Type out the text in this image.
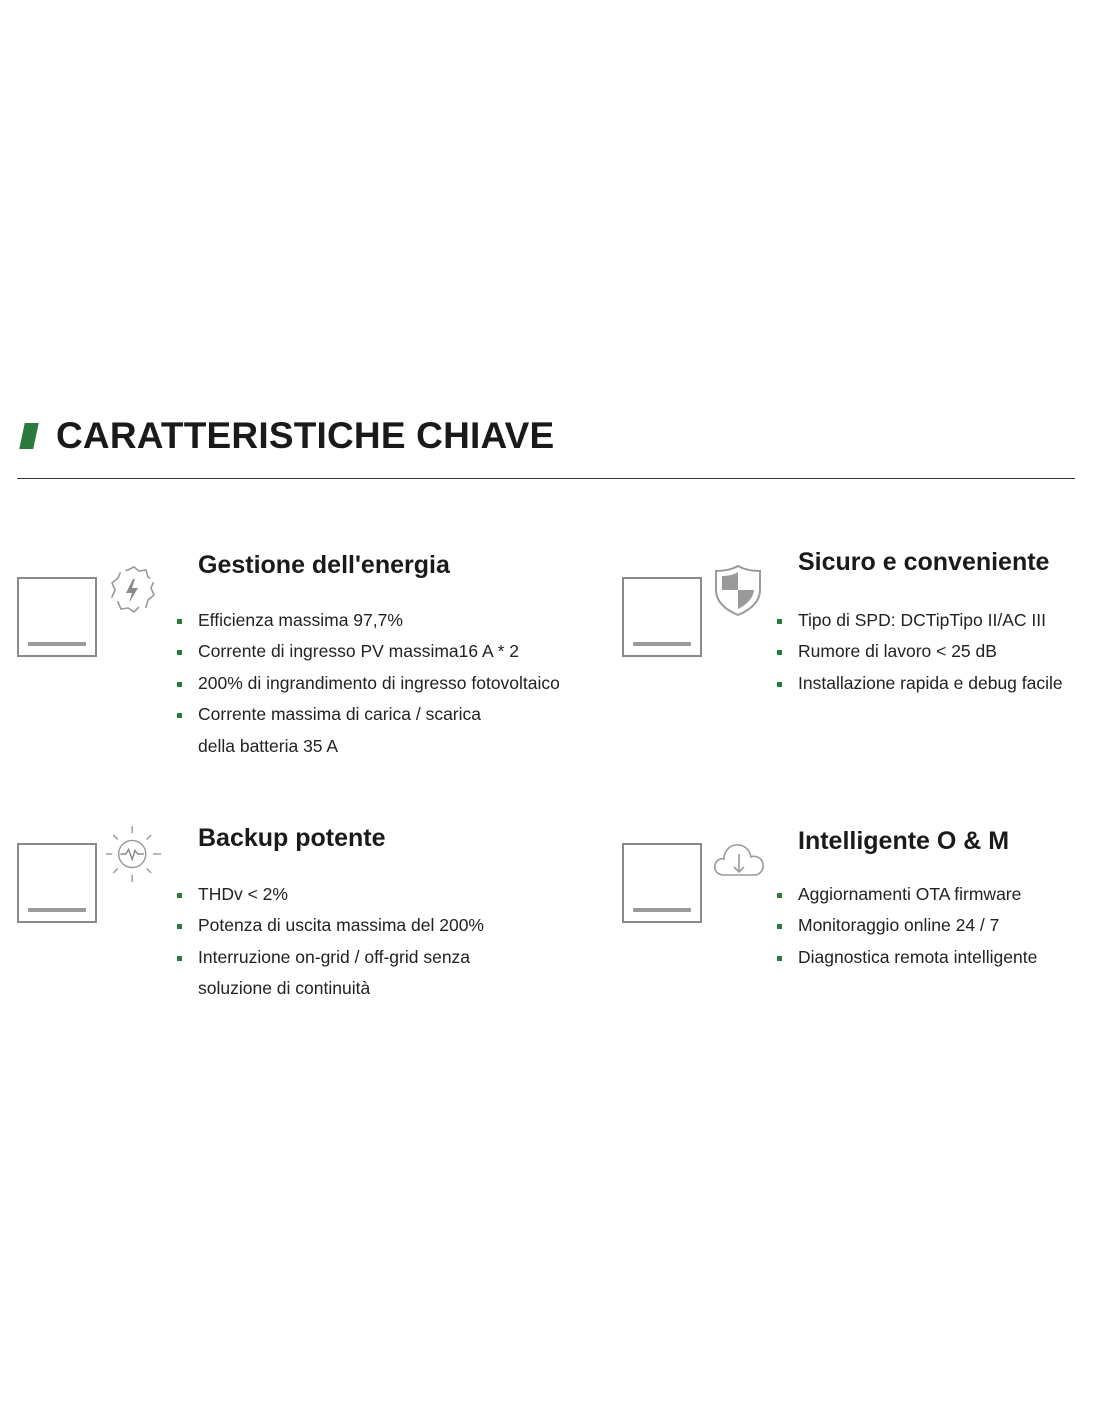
CARATTERISTICHE CHIAVE
Gestione dell'energia
Efficienza massima 97,7%
Corrente di ingresso PV massima16 A * 2
200% di ingrandimento di ingresso fotovoltaico
Corrente massima di carica / scarica
della batteria 35 A
Sicuro e conveniente
Tipo di SPD: DCTipTipo II/AC III
Rumore di lavoro < 25 dB
Installazione rapida e debug facile
Backup potente
THDv < 2%
Potenza di uscita massima del 200%
Interruzione on-grid / off-grid senza
soluzione di continuità
Intelligente O & M
Aggiornamenti OTA firmware
Monitoraggio online 24 / 7
Diagnostica remota intelligente
